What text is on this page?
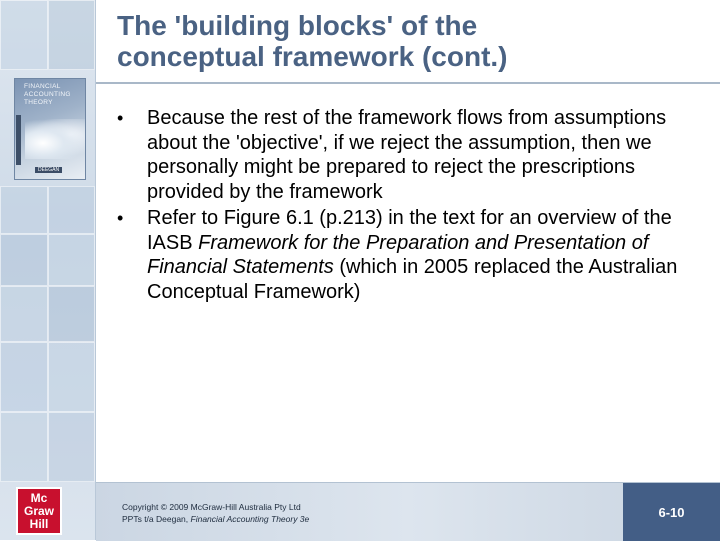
FINANCIAL
ACCOUNTING
THEORY
DEEGAN
Mc
Graw
Hill
The 'building blocks' of the
conceptual framework (cont.)
• Because the rest of the framework flows from assumptions about the 'objective', if we reject the assumption, then we personally might be prepared to reject the prescriptions provided by the framework
• Refer to Figure 6.1 (p.213) in the text for an overview of the IASB Framework for the Preparation and Presentation of Financial Statements (which in 2005 replaced the Australian Conceptual Framework)
Copyright © 2009 McGraw-Hill Australia Pty Ltd
PPTs t/a Deegan, Financial Accounting Theory 3e	6-10
